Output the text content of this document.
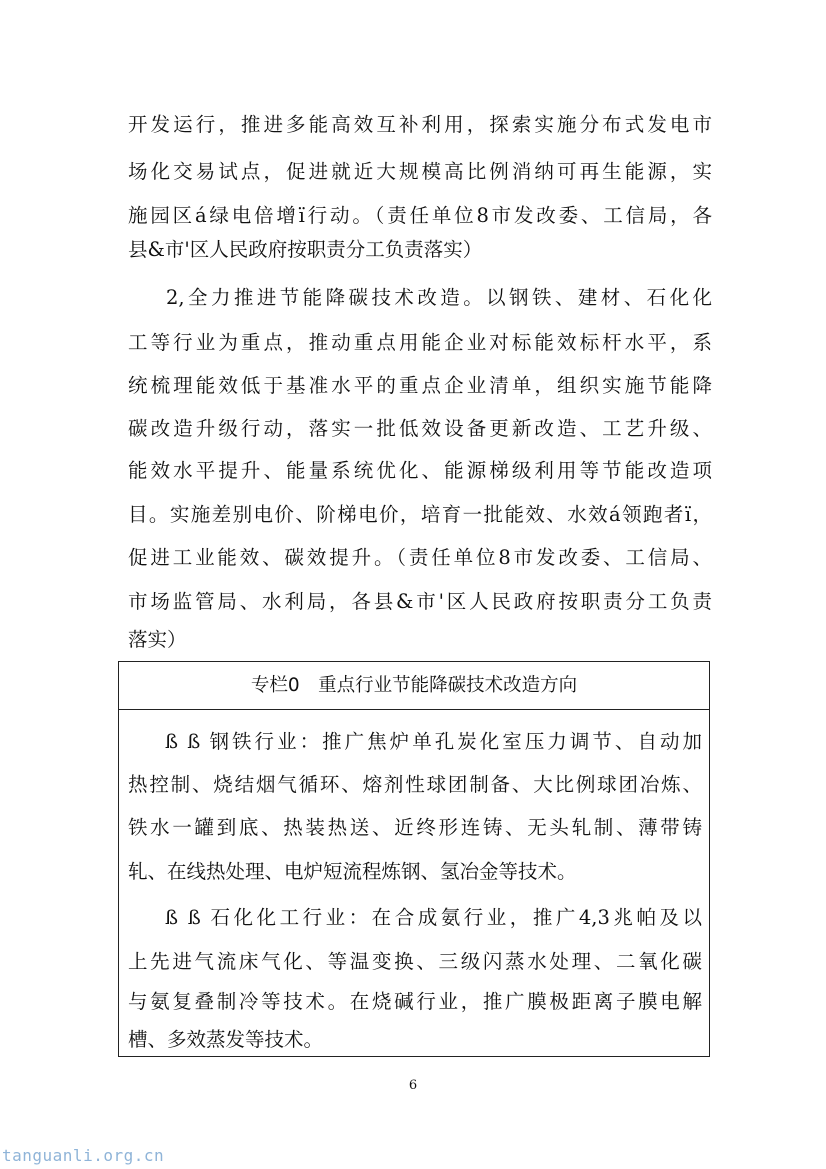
开发运行，推进多能高效互补利用，探索实施分布式发电市
场化交易试点，促进就近大规模高比例消纳可再生能源，实
施园区á绿电倍增ï行动。（责任单位8市发改委、工信局，各
县&市'区人民政府按职责分工负责落实）
2,全力推进节能降碳技术改造。以钢铁、建材、石化化
工等行业为重点，推动重点用能企业对标能效标杆水平，系
统梳理能效低于基准水平的重点企业清单，组织实施节能降
碳改造升级行动，落实一批低效设备更新改造、工艺升级、
能效水平提升、能量系统优化、能源梯级利用等节能改造项
目。实施差别电价、阶梯电价，培育一批能效、水效á领跑者ï，
促进工业能效、碳效提升。（责任单位8市发改委、工信局、
市场监管局、水利局，各县&市'区人民政府按职责分工负责
落实）
专栏0　重点行业节能降碳技术改造方向
ß ß 钢铁行业：推广焦炉单孔炭化室压力调节、自动加
热控制、烧结烟气循环、熔剂性球团制备、大比例球团冶炼、
铁水一罐到底、热装热送、近终形连铸、无头轧制、薄带铸
轧、在线热处理、电炉短流程炼钢、氢冶金等技术。
ß ß 石化化工行业：在合成氨行业，推广4,3兆帕及以
上先进气流床气化、等温变换、三级闪蒸水处理、二氧化碳
与氨复叠制冷等技术。在烧碱行业，推广膜极距离子膜电解
槽、多效蒸发等技术。
6
tanguanli.org.cn
